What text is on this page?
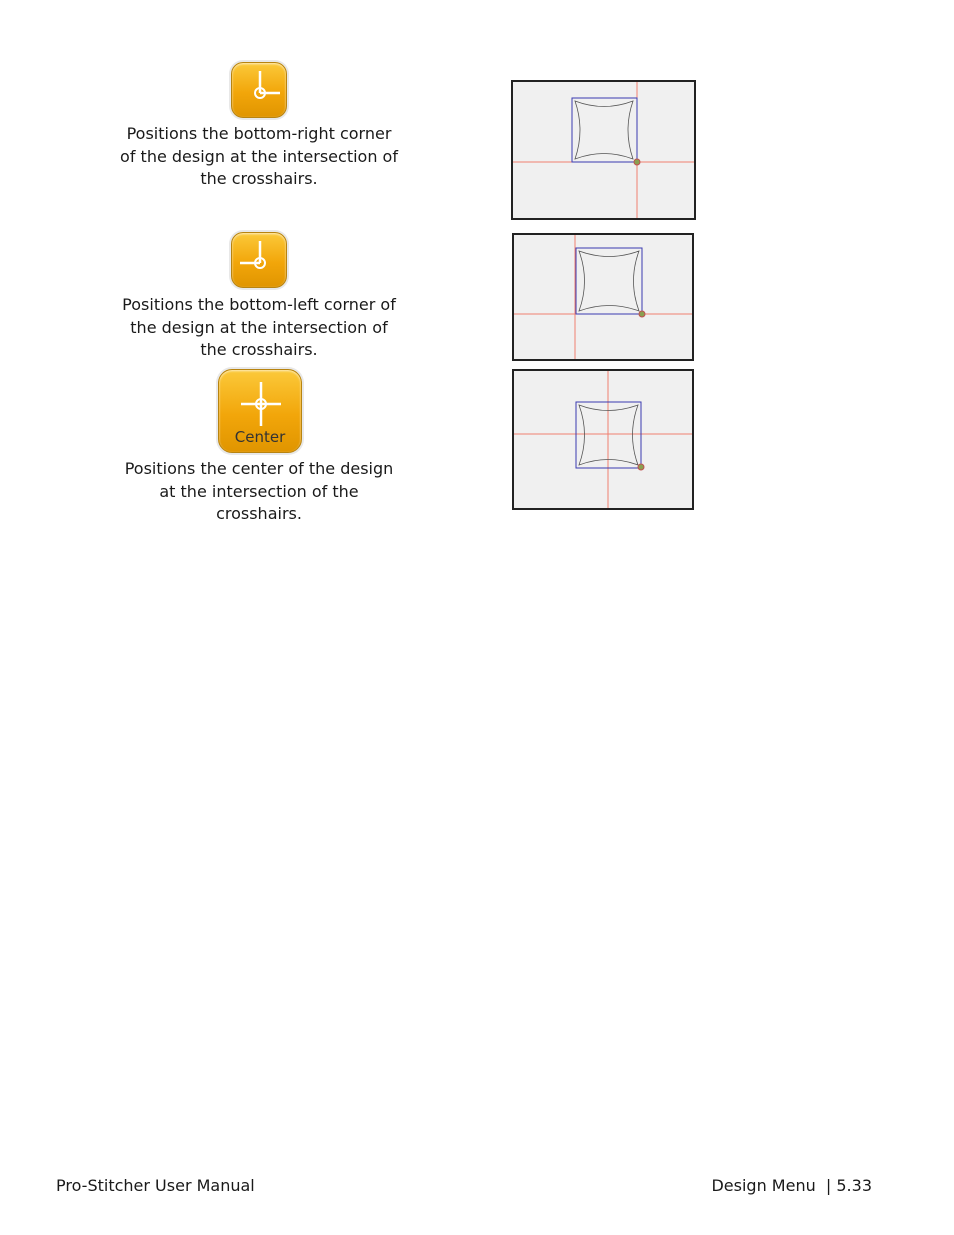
Positions the bottom-right corner of the design at the intersection of the crosshairs.
Positions the bottom-left corner of the design at the intersection of the crosshairs.
Center
Positions the center of the design at the intersection of the crosshairs.
Pro-Stitcher User Manual	Design Menu  | 5.33
